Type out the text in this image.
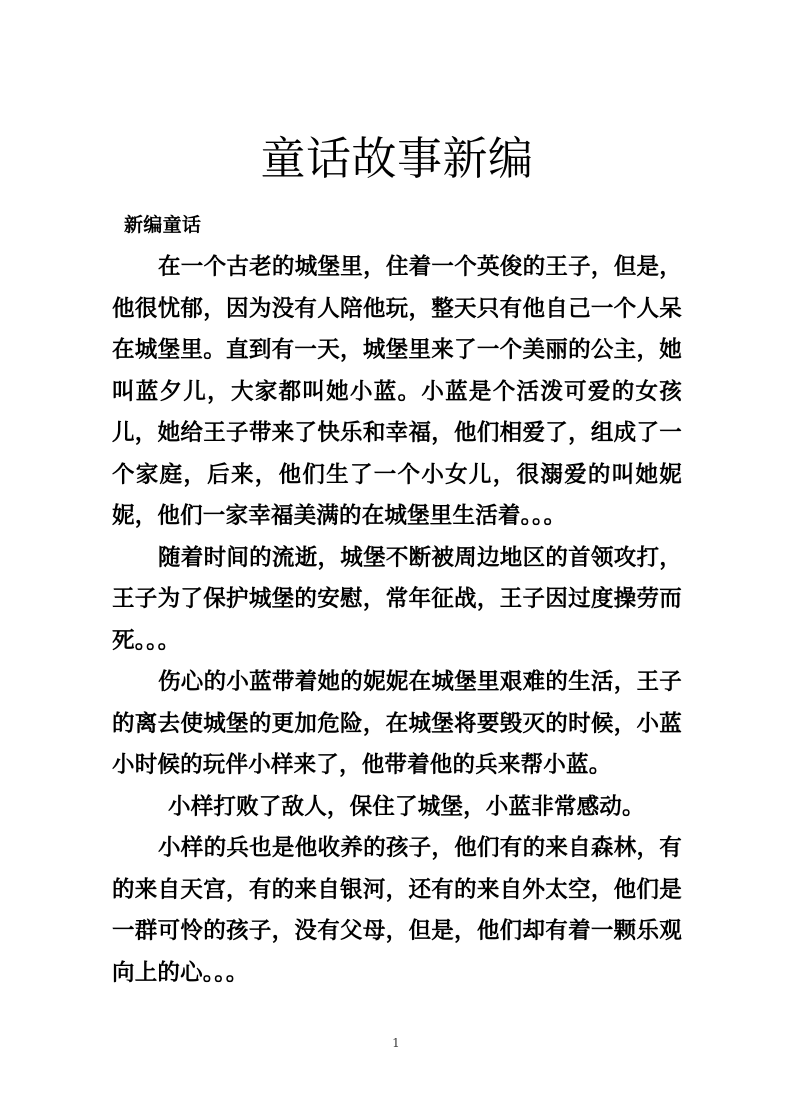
童话故事新编

新编童话

在一个古老的城堡里，住着一个英俊的王子，但是，他很忧郁，因为没有人陪他玩，整天只有他自己一个人呆在城堡里。直到有一天，城堡里来了一个美丽的公主，她叫蓝夕儿，大家都叫她小蓝。小蓝是个活泼可爱的女孩儿，她给王子带来了快乐和幸福，他们相爱了，组成了一个家庭，后来，他们生了一个小女儿，很溺爱的叫她妮妮，他们一家幸福美满的在城堡里生活着。。。

随着时间的流逝，城堡不断被周边地区的首领攻打，王子为了保护城堡的安慰，常年征战，王子因过度操劳而死。。。

伤心的小蓝带着她的妮妮在城堡里艰难的生活，王子的离去使城堡的更加危险，在城堡将要毁灭的时候，小蓝小时候的玩伴小样来了，他带着他的兵来帮小蓝。

小样打败了敌人，保住了城堡，小蓝非常感动。

小样的兵也是他收养的孩子，他们有的来自森林，有的来自天宫，有的来自银河，还有的来自外太空，他们是一群可怜的孩子，没有父母，但是，他们却有着一颗乐观向上的心。。。

1
